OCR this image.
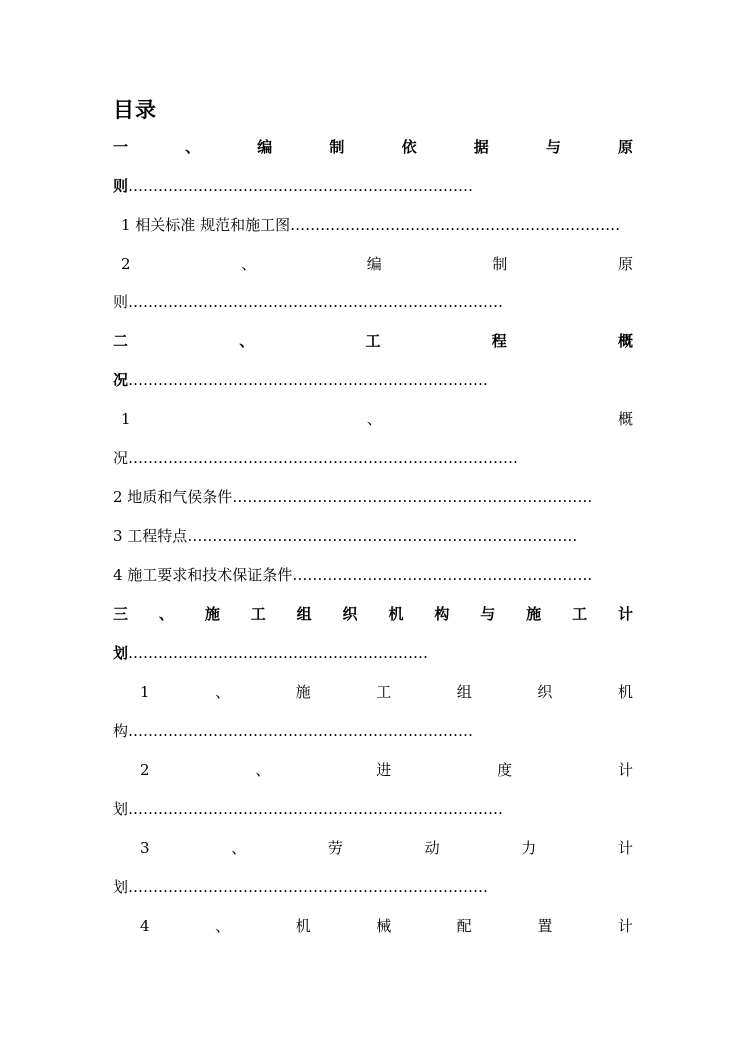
目录
一	、	编	制	依	据	与	原
则……………………………………………………………
1 相关标准 规范和施工图…………………………………………………………
2	、	编	制	原
则…………………………………………………………………
二	、	工	程	概
况………………………………………………………………
1	、	概
况……………………………………………………………………
2 地质和气侯条件………………………………………………………………
3 工程特点……………………………………………………………………
4 施工要求和技术保证条件……………………………………………………
三 、 施 工 组 织 机 构 与 施 工 计
划……………………………………………………
1	、	施	工	组	织	机
构……………………………………………………………
2	、	进	度	计
划…………………………………………………………………
3	、	劳	动	力	计
划………………………………………………………………
4	、	机	械	配	置	计
